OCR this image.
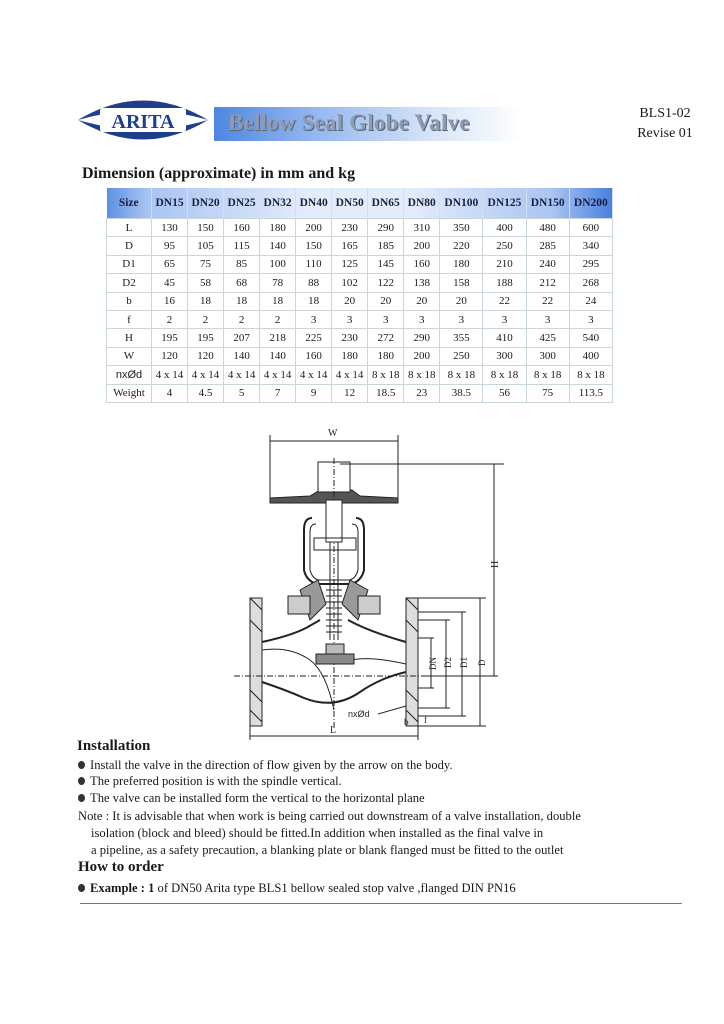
ARITA Bellow Seal Globe Valve	BLS1-02
Revise 01
Dimension (approximate) in mm and kg
Size	DN15	DN20	DN25	DN32	DN40	DN50	DN65	DN80	DN100	DN125	DN150	DN200
L	130	150	160	180	200	230	290	310	350	400	480	600
D	95	105	115	140	150	165	185	200	220	250	285	340
D1	65	75	85	100	110	125	145	160	180	210	240	295
D2	45	58	68	78	88	102	122	138	158	188	212	268
b	16	18	18	18	18	20	20	20	20	22	22	24
f	2	2	2	2	3	3	3	3	3	3	3	3
H	195	195	207	218	225	230	272	290	355	410	425	540
W	120	120	140	140	160	180	180	200	250	300	300	400
nxØd	4 x 14	4 x 14	4 x 14	4 x 14	4 x 14	4 x 14	8 x 18	8 x 18	8 x 18	8 x 18	8 x 18	8 x 18
Weight	4	4.5	5	7	9	12	18.5	23	38.5	56	75	113.5
W
H
DN D2 D1 D
nxØd
L
b f
Installation
Install the valve in the direction of flow given by the arrow on the body.
The preferred position is with the spindle vertical.
The valve can be installed form the vertical to the horizontal plane
Note : It is advisable that when work is being carried out downstream of a valve installation, double
isolation (block and bleed) should be fitted.In addition when installed as the final valve in
a pipeline, as a safety precaution, a blanking plate or blank flanged must be fitted to the outlet
How to order
Example : 1 of DN50 Arita type BLS1 bellow sealed stop valve ,flanged DIN PN16
